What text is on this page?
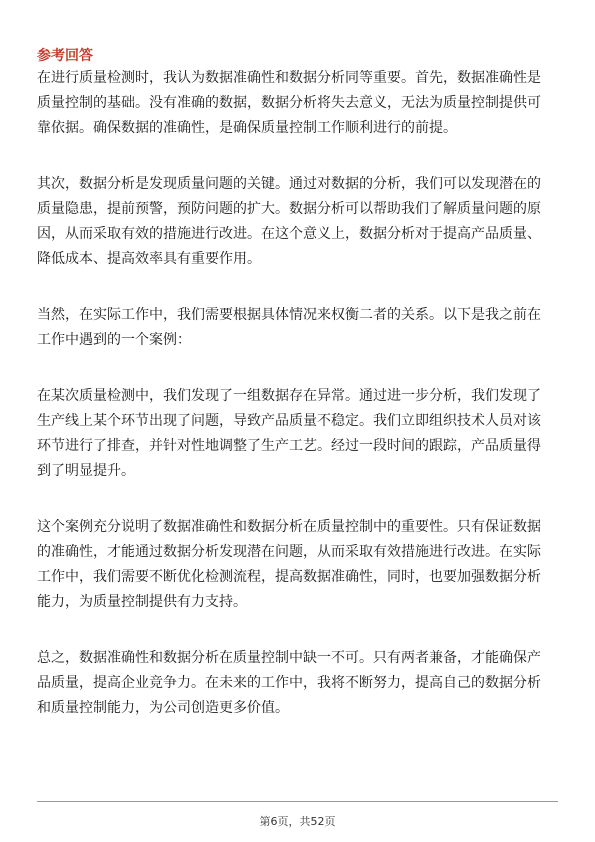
参考回答

在进行质量检测时，我认为数据准确性和数据分析同等重要。首先，数据准确性是
质量控制的基础。没有准确的数据，数据分析将失去意义，无法为质量控制提供可
靠依据。确保数据的准确性，是确保质量控制工作顺利进行的前提。

其次，数据分析是发现质量问题的关键。通过对数据的分析，我们可以发现潜在的
质量隐患，提前预警，预防问题的扩大。数据分析可以帮助我们了解质量问题的原
因，从而采取有效的措施进行改进。在这个意义上，数据分析对于提高产品质量、
降低成本、提高效率具有重要作用。

当然，在实际工作中，我们需要根据具体情况来权衡二者的关系。以下是我之前在
工作中遇到的一个案例：

在某次质量检测中，我们发现了一组数据存在异常。通过进一步分析，我们发现了
生产线上某个环节出现了问题，导致产品质量不稳定。我们立即组织技术人员对该
环节进行了排查，并针对性地调整了生产工艺。经过一段时间的跟踪，产品质量得
到了明显提升。

这个案例充分说明了数据准确性和数据分析在质量控制中的重要性。只有保证数据
的准确性，才能通过数据分析发现潜在问题，从而采取有效措施进行改进。在实际
工作中，我们需要不断优化检测流程，提高数据准确性，同时，也要加强数据分析
能力，为质量控制提供有力支持。

总之，数据准确性和数据分析在质量控制中缺一不可。只有两者兼备，才能确保产
品质量，提高企业竞争力。在未来的工作中，我将不断努力，提高自己的数据分析
和质量控制能力，为公司创造更多价值。

第6页，共52页
